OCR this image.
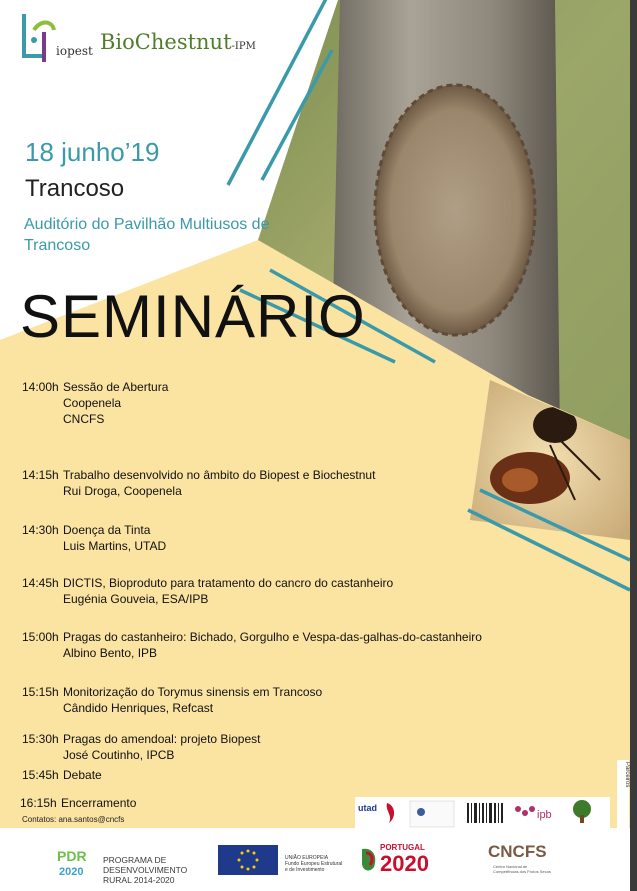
iopest BioChestnut-IPM
18 junho’19
Trancoso
Auditório do Pavilhão Multiusos de Trancoso
SEMINÁRIO
14:00h Sessão de Abertura
Coopenela
CNCFS
14:15h Trabalho desenvolvido no âmbito do Biopest e Biochestnut
Rui Droga, Coopenela
14:30h Doença da Tinta
Luis Martins, UTAD
14:45h DICTIS, Bioproduto para tratamento do cancro do castanheiro
Eugénia Gouveia, ESA/IPB
15:00h Pragas do castanheiro: Bichado, Gorgulho e Vespa-das-galhas-do-castanheiro
Albino Bento, IPB
15:15h Monitorização do Torymus sinensis em Trancoso
Cândido Henriques, Refcast
15:30h Pragas do amendoal: projeto Biopest
José Coutinho, IPCB
15:45h Debate
16:15h Encerramento
Contatos: ana.santos@cncfs
utad
ipb
Parceiros
PDR
2020
PROGRAMA DE
DESENVOLVIMENTO
RURAL 2014-2020
UNIÃO EUROPEIA
Fundo Europeu Estrutural e de Investimento
PORTUGAL
2020	CNCFS
Centro Nacional de Competências dos Frutos Secos
